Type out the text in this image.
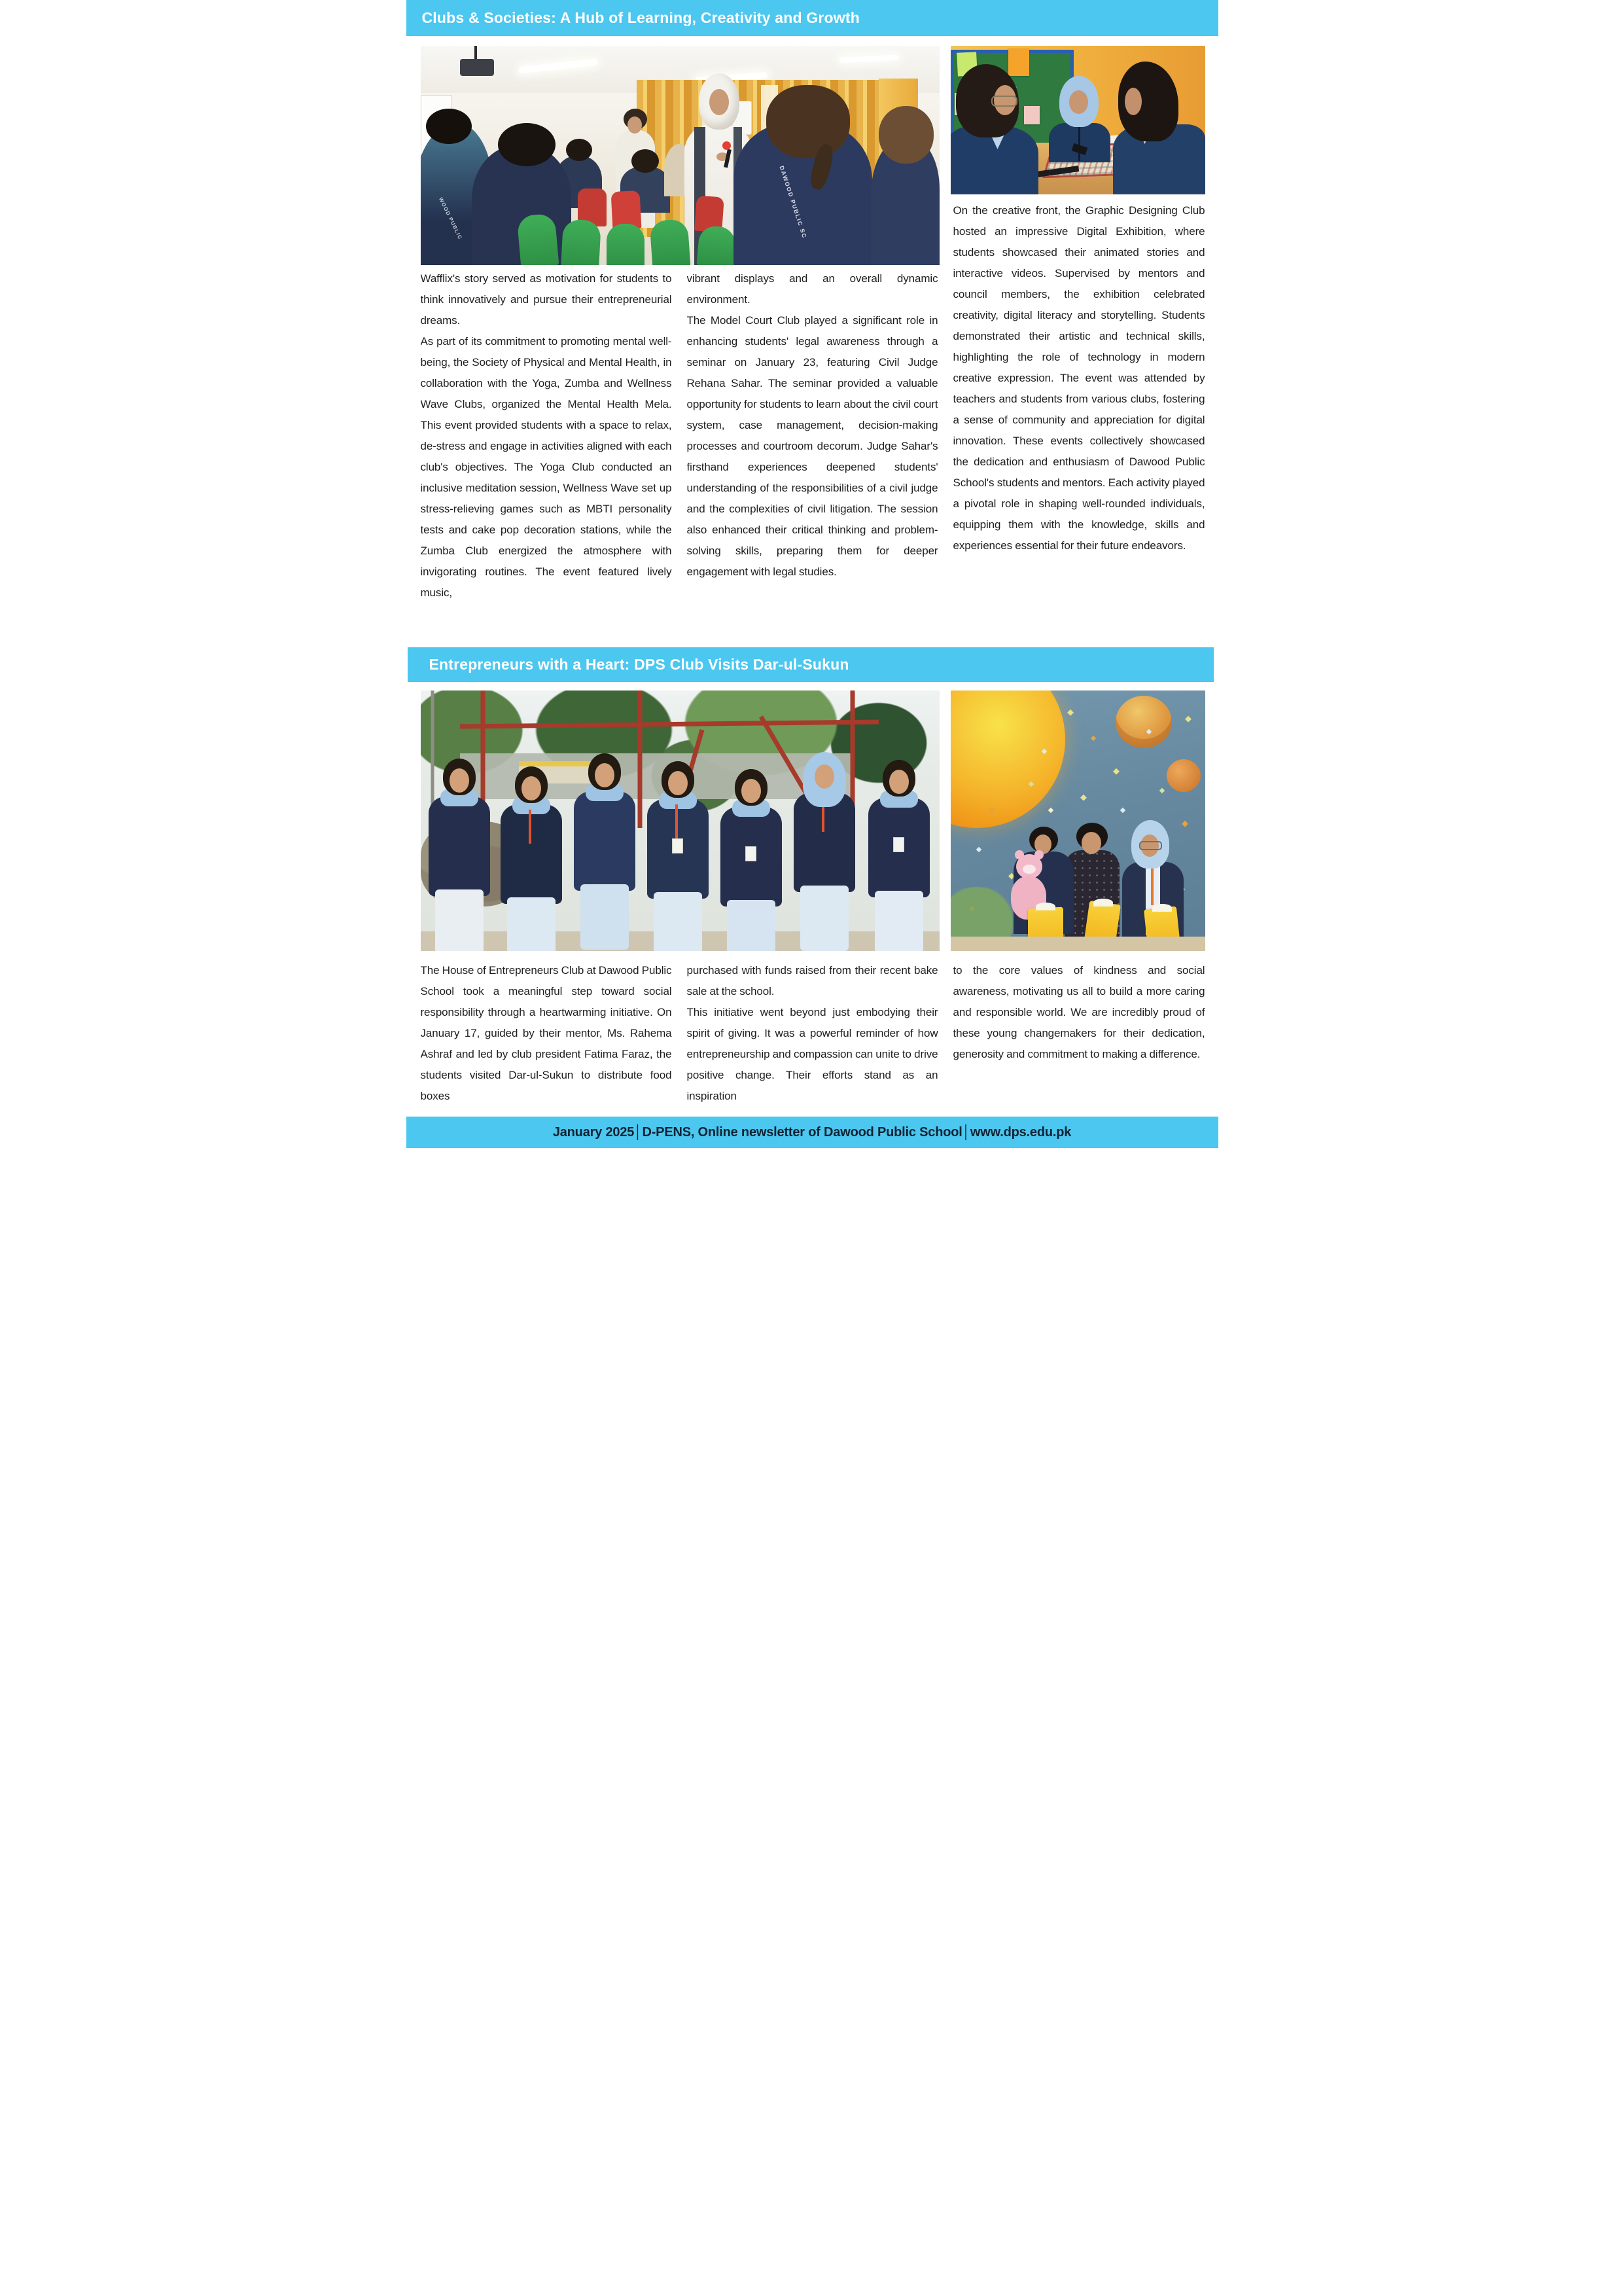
Clubs & Societies: A Hub of Learning, Creativity and Growth
WOOD PUBLIC	DAWOOD PUBLIC SC	On the creative front, the Graphic Designing Club hosted an impressive Digital Exhibition, where students showcased their animated stories and interactive videos. Supervised by mentors and council members, the exhibition celebrated creativity, digital literacy and storytelling. Students demonstrated their artistic and technical skills, highlighting the role of technology in modern creative expression. The event was attended by teachers and students from various clubs, fostering a sense of community and appreciation for digital innovation. These events collectively showcased the dedication and enthusiasm of Dawood Public School's students and mentors. Each activity played a pivotal role in shaping well-rounded individuals, equipping them with the knowledge, skills and experiences essential for their future endeavors.

Wafflix's story served as motivation for students to think innovatively and pursue their entrepreneurial dreams.

As part of its commitment to promoting mental well-being, the Society of Physical and Mental Health, in collaboration with the Yoga, Zumba and Wellness Wave Clubs, organized the Mental Health Mela. This event provided students with a space to relax, de-stress and engage in activities aligned with each club's objectives. The Yoga Club conducted an inclusive meditation session, Wellness Wave set up stress-relieving games such as MBTI personality tests and cake pop decoration stations, while the Zumba Club energized the atmosphere with invigorating routines. The event featured lively music,

vibrant displays and an overall dynamic environment.

The Model Court Club played a significant role in enhancing students' legal awareness through a seminar on January 23, featuring Civil Judge Rehana Sahar. The seminar provided a valuable opportunity for students to learn about the civil court system, case management, decision-making processes and courtroom decorum. Judge Sahar's firsthand experiences deepened students' understanding of the responsibilities of a civil judge and the complexities of civil litigation. The session also enhanced their critical thinking and problem-solving skills, preparing them for deeper engagement with legal studies.

Entrepreneurs with a Heart: DPS Club Visits Dar-ul-Sukun

The House of Entrepreneurs Club at Dawood Public School took a meaningful step toward social responsibility through a heartwarming initiative. On January 17, guided by their mentor, Ms. Rahema Ashraf and led by club president Fatima Faraz, the students visited Dar-ul-Sukun to distribute food boxes

purchased with funds raised from their recent bake sale at the school.

This initiative went beyond just embodying their spirit of giving. It was a powerful reminder of how entrepreneurship and compassion can unite to drive positive change. Their efforts stand as an inspiration

to the core values of kindness and social awareness, motivating us all to build a more caring and responsible world. We are incredibly proud of these young changemakers for their dedication, generosity and commitment to making a difference.

January 2025│D-PENS, Online newsletter of Dawood Public School│www.dps.edu.pk
